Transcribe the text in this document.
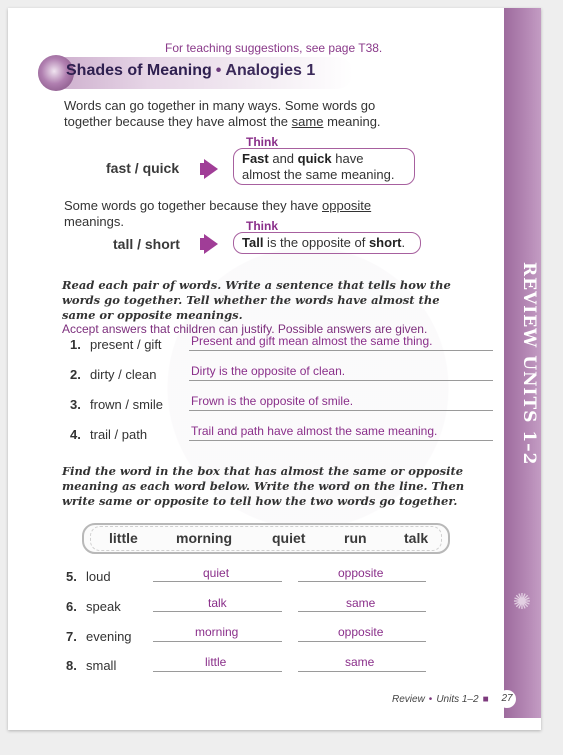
REVIEW UNITS 1–2
✺
For teaching suggestions, see page T38.
Shades of Meaning • Analogies 1
Words can go together in many ways. Some words go
together because they have almost the same meaning.
Think
fast / quick
Fast and quick have
almost the same meaning.
Some words go together because they have opposite
meanings.	Think
tall / short	Tall is the opposite of short.
Read each pair of words. Write a sentence that tells how the
words go together. Tell whether the words have almost the
same or opposite meanings.
Accept answers that children can justify. Possible answers are given.
1. present / gift Present and gift mean almost the same thing.
2. dirty / clean	Dirty is the opposite of clean.
3. frown / smile Frown is the opposite of smile.
4. trail / path	Trail and path have almost the same meaning.
Find the word in the box that has almost the same or opposite
meaning as each word below. Write the word on the line. Then
write same or opposite to tell how the two words go together.
little	morning	quiet	run	talk
5. loud	quiet	opposite
6. speak	talk	same
7. evening	morning	opposite
8. small	little	same
Review • Units 1–2 ■	27
